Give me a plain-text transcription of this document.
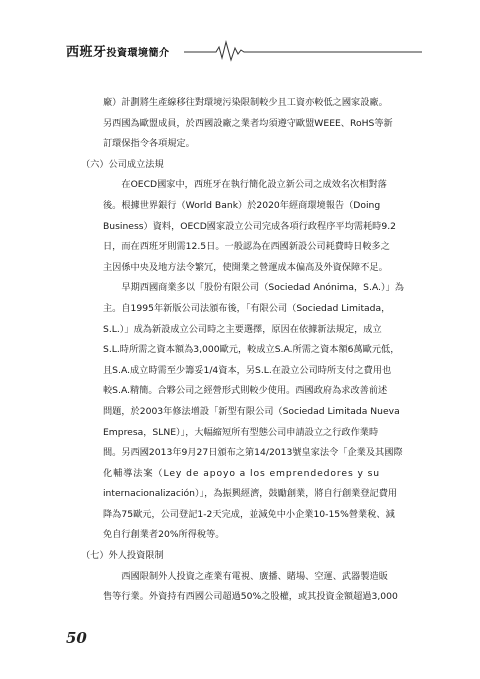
西班牙投資環境簡介

廠）計劃將生產線移往對環境污染限制較少且工資亦較低之國家設廠。

另西國為歐盟成員，於西國設廠之業者均須遵守歐盟WEEE、RoHS等新

訂環保指令各項規定。

（六）公司成立法規

在OECD國家中，西班牙在執行簡化設立新公司之成效名次相對落

後。根據世界銀行（World Bank）於2020年經商環境報告（Doing

Business）資料，OECD國家設立公司完成各項行政程序平均需耗時9.2

日，而在西班牙則需12.5日。一般認為在西國新設公司耗費時日較多之

主因係中央及地方法令繁冗，使開業之營運成本偏高及外資保障不足。

早期西國商業多以「股份有限公司（Sociedad Anónima，S.A.）」為

主。自1995年新版公司法頒布後，「有限公司（Sociedad Limitada，

S.L.）」成為新設成立公司時之主要選擇，原因在依據新法規定，成立

S.L.時所需之資本額為3,000歐元，較成立S.A.所需之資本額6萬歐元低，

且S.A.成立時需至少籌妥1/4資本，另S.L.在設立公司時所支付之費用也

較S.A.精簡。合夥公司之經營形式則較少使用。西國政府為求改善前述

問題，於2003年修法增設「新型有限公司（Sociedad Limitada Nueva

Empresa，SLNE）」，大幅縮短所有型態公司申請設立之行政作業時

間。另西國2013年9月27日頒布之第14/2013號皇家法令「企業及其國際

化輔導法案（Ley de apoyo a los emprendedores y su

internacionalización）」，為振興經濟，鼓勵創業，將自行創業登記費用

降為75歐元，公司登記1-2天完成，並減免中小企業10-15%營業稅、減

免自行創業者20%所得稅等。

（七）外人投資限制

西國限制外人投資之產業有電視、廣播、賭場、空運、武器製造販

售等行業。外資持有西國公司超過50%之股權，或其投資金額超過3,000

50
